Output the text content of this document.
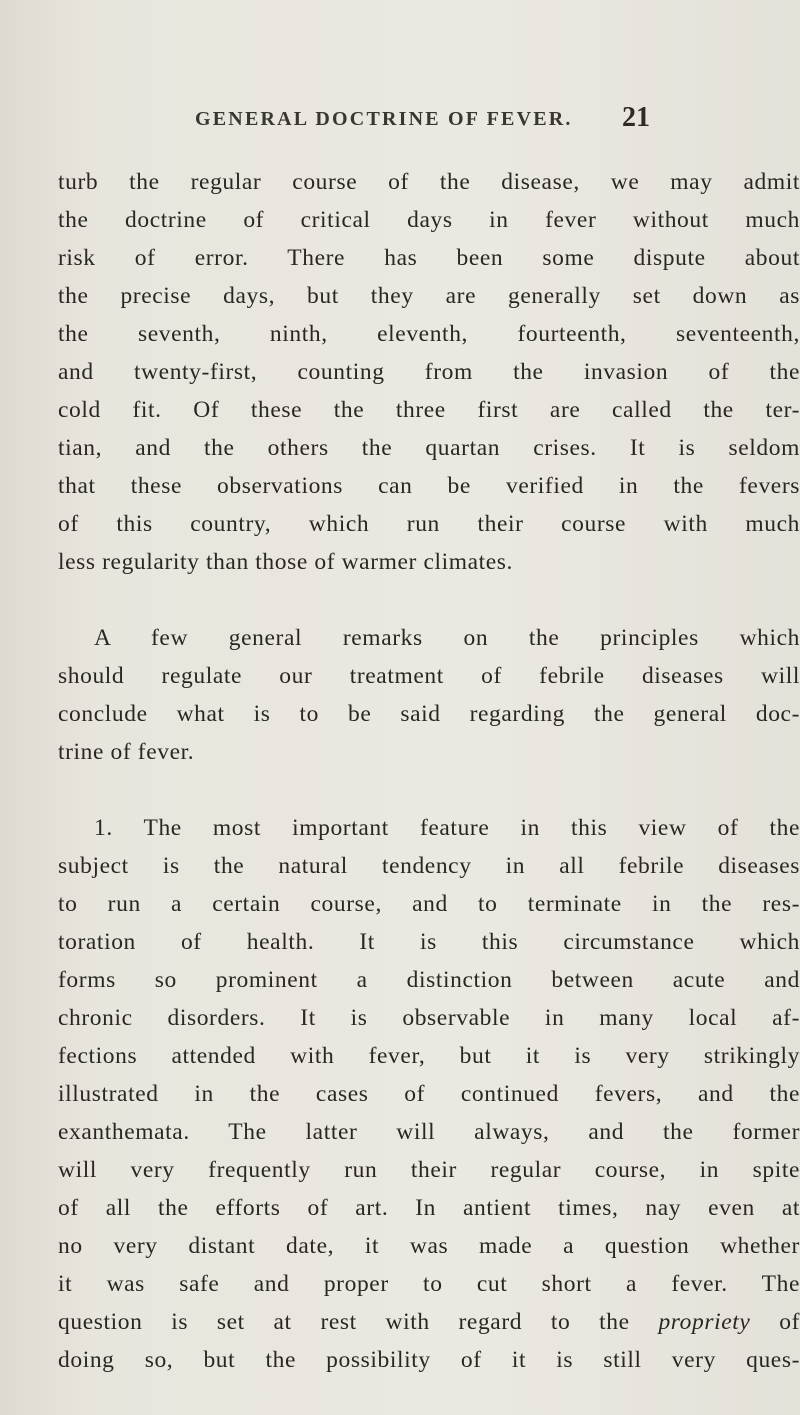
GENERAL DOCTRINE OF FEVER. 21
turb the regular course of the disease, we may admit
the doctrine of critical days in fever without much
risk of error. There has been some dispute about
the precise days, but they are generally set down as
the seventh, ninth, eleventh, fourteenth, seventeenth,
and twenty-first, counting from the invasion of the
cold fit. Of these the three first are called the ter-
tian, and the others the quartan crises. It is seldom
that these observations can be verified in the fevers
of this country, which run their course with much
less regularity than those of warmer climates.
A few general remarks on the principles which
should regulate our treatment of febrile diseases will
conclude what is to be said regarding the general doc-
trine of fever.
1. The most important feature in this view of the
subject is the natural tendency in all febrile diseases
to run a certain course, and to terminate in the res-
toration of health. It is this circumstance which
forms so prominent a distinction between acute and
chronic disorders. It is observable in many local af-
fections attended with fever, but it is very strikingly
illustrated in the cases of continued fevers, and the
exanthemata. The latter will always, and the former
will very frequently run their regular course, in spite
of all the efforts of art. In antient times, nay even at
no very distant date, it was made a question whether
it was safe and proper to cut short a fever. The
question is set at rest with regard to the propriety of
doing so, but the possibility of it is still very ques-
